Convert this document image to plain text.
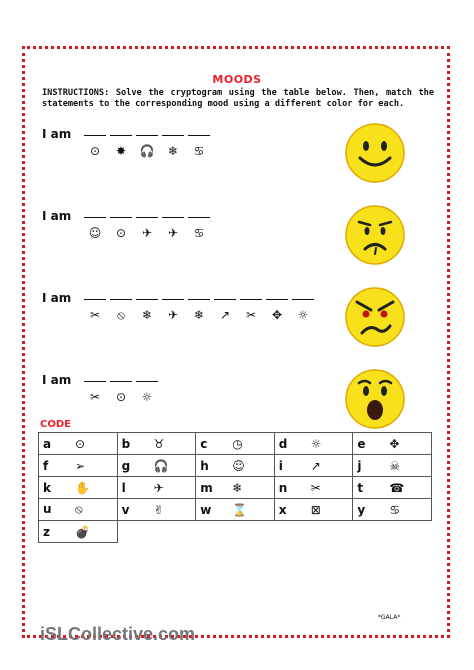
MOODS
INSTRUCTIONS: Solve the cryptogram using the table below. Then, match the statements to the corresponding mood using a different color for each.
I am
⊙ ✸ 🎧 ❄ ♋
I am
☺ ⊙ ✈ ✈ ♋
I am
✂ ⦸ ❄ ✈ ❄ ↗ ✂ ✥ ☼
I am
✂ ⊙ ☼
CODE
a ⊙	b ♉	c ◷	d ☼	e ✥
f ➢	g 🎧	h ☺	i ↗	j ☠
k ✋	l ✈	m ❄	n ✂	t ☎
u ⦸	v ✌	w ⌛	x ⊠	y ♋
z 💣				
*GALA*
iSLCollective.com
